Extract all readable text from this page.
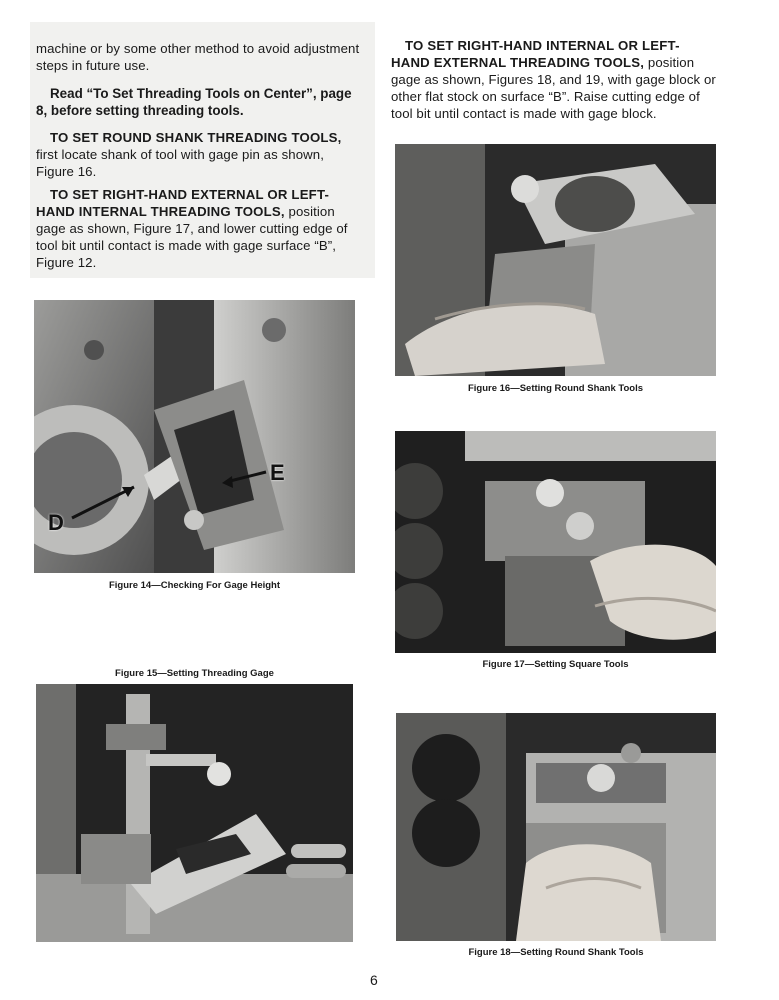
machine or by some other method to avoid adjustment steps in future use.

Read “To Set Threading Tools on Center”, page 8, before setting threading tools.

TO SET ROUND SHANK THREADING TOOLS, first locate shank of tool with gage pin as shown, Figure 16.

TO SET RIGHT-HAND EXTERNAL OR LEFT-HAND INTERNAL THREADING TOOLS, position gage as shown, Figure 17, and lower cutting edge of tool bit until contact is made with gage surface “B”, Figure 12.

TO SET RIGHT-HAND INTERNAL OR LEFT-HAND EXTERNAL THREADING TOOLS, position gage as shown, Figures 18, and 19, with gage block or other flat stock on surface “B”. Raise cutting edge of tool bit until contact is made with gage block.

D
E
Figure 14—Checking For Gage Height
Figure 15—Setting Threading Gage
Figure 16—Setting Round Shank Tools
Figure 17—Setting Square Tools
Figure 18—Setting Round Shank Tools
6
